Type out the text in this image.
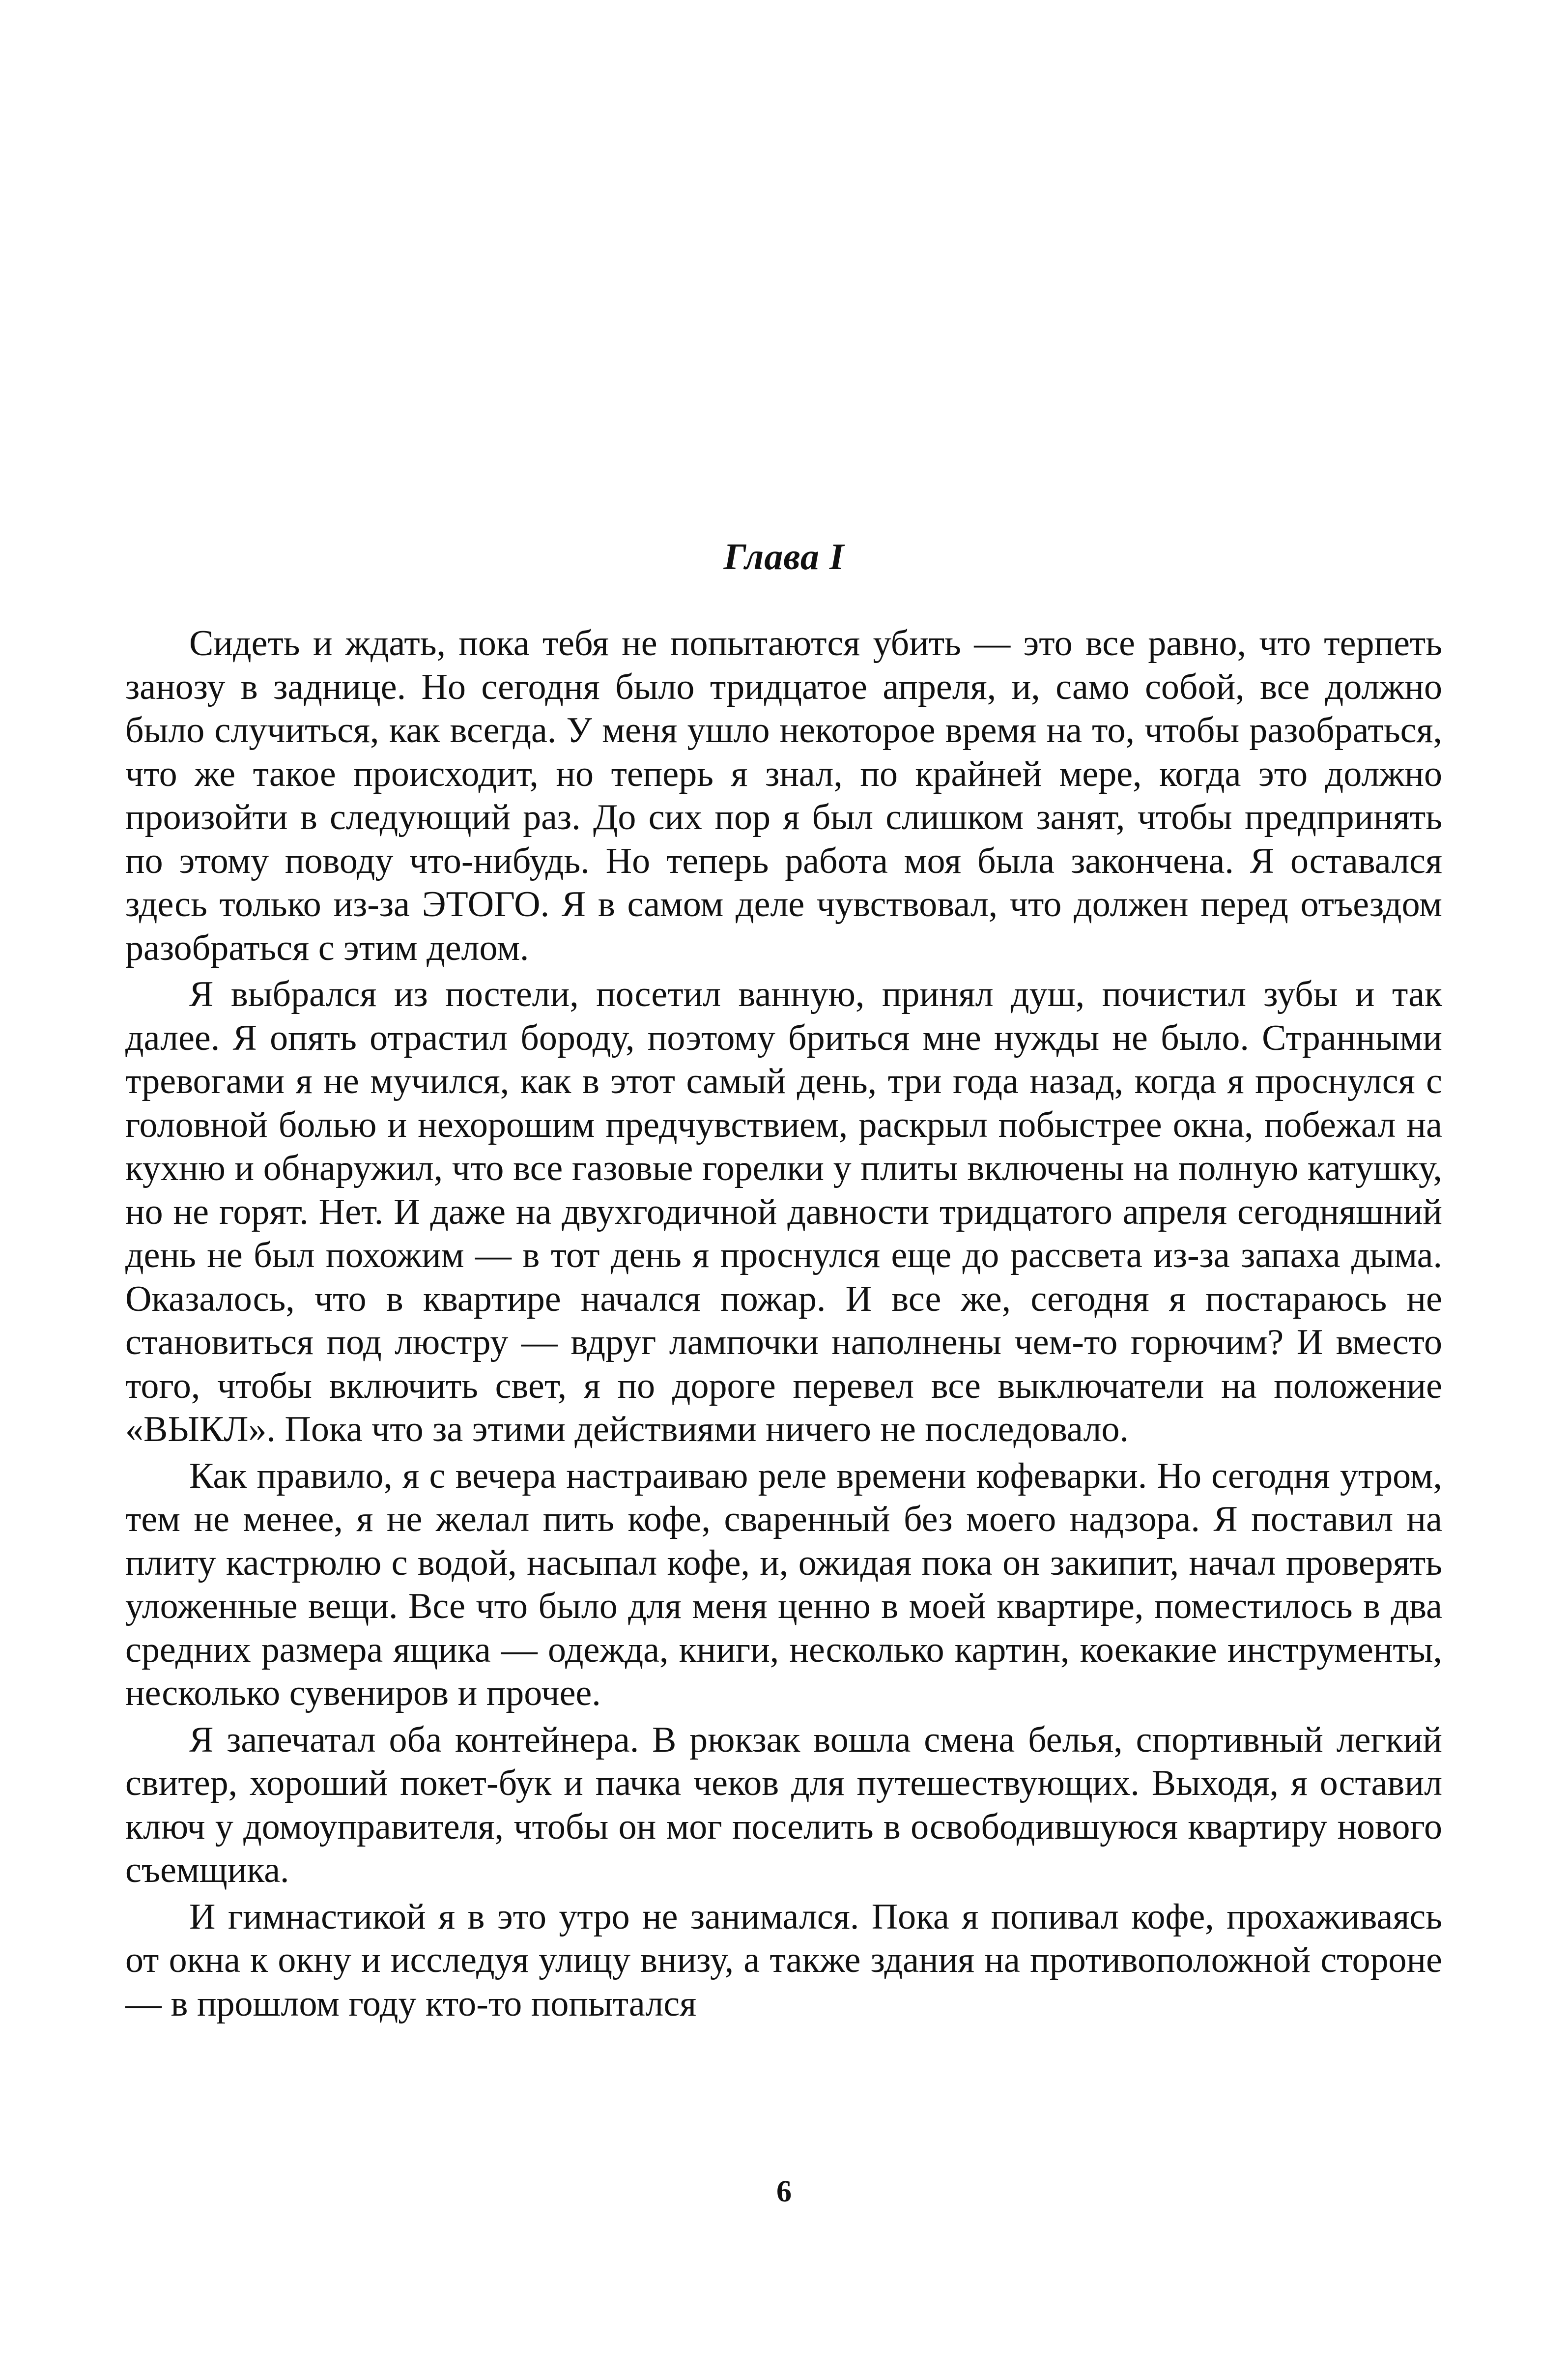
Глава I

Сидеть и ждать, пока тебя не попытаются убить — это все равно, что терпеть занозу в заднице. Но сегодня было тридцатое апреля, и, само собой, все должно было случиться, как всегда. У меня ушло некоторое время на то, чтобы разобраться, что же такое происходит, но теперь я знал, по крайней мере, когда это должно произойти в следующий раз. До сих пор я был слишком занят, чтобы предпринять по этому поводу что-нибудь. Но теперь работа моя была закончена. Я оставался здесь только из-за ЭТОГО. Я в самом деле чувствовал, что должен перед отъездом разобраться с этим делом.

Я выбрался из постели, посетил ванную, принял душ, почистил зубы и так далее. Я опять отрастил бороду, поэтому бриться мне нужды не было. Странными тревогами я не мучился, как в этот самый день, три года назад, когда я проснулся с головной болью и нехорошим предчувствием, раскрыл побыстрее окна, побежал на кухню и обнаружил, что все газовые горелки у плиты включены на полную катушку, но не горят. Нет. И даже на двухгодичной давности тридцатого апреля сегодняшний день не был похожим — в тот день я проснулся еще до рассвета из-за запаха дыма. Оказалось, что в квартире начался пожар. И все же, сегодня я постараюсь не становиться под люстру — вдруг лампочки наполнены чем-то горючим? И вместо того, чтобы включить свет, я по дороге перевел все выключатели на положение «ВЫКЛ». Пока что за этими действиями ничего не последовало.

Как правило, я с вечера настраиваю реле времени кофеварки. Но сегодня утром, тем не менее, я не желал пить кофе, сваренный без моего надзора. Я поставил на плиту кастрюлю с водой, насыпал кофе, и, ожидая пока он закипит, начал проверять уложенные вещи. Все что было для меня ценно в моей квартире, поместилось в два средних размера ящика — одежда, книги, несколько картин, коекакие инструменты, несколько сувениров и прочее.

Я запечатал оба контейнера. В рюкзак вошла смена белья, спортивный легкий свитер, хороший покет-бук и пачка чеков для путешествующих. Выходя, я оставил ключ у домоуправителя, чтобы он мог поселить в освободившуюся квартиру нового съемщика.

И гимнастикой я в это утро не занимался. Пока я попивал кофе, прохаживаясь от окна к окну и исследуя улицу внизу, а также здания на противоположной стороне — в прошлом году кто-то попытался

6
